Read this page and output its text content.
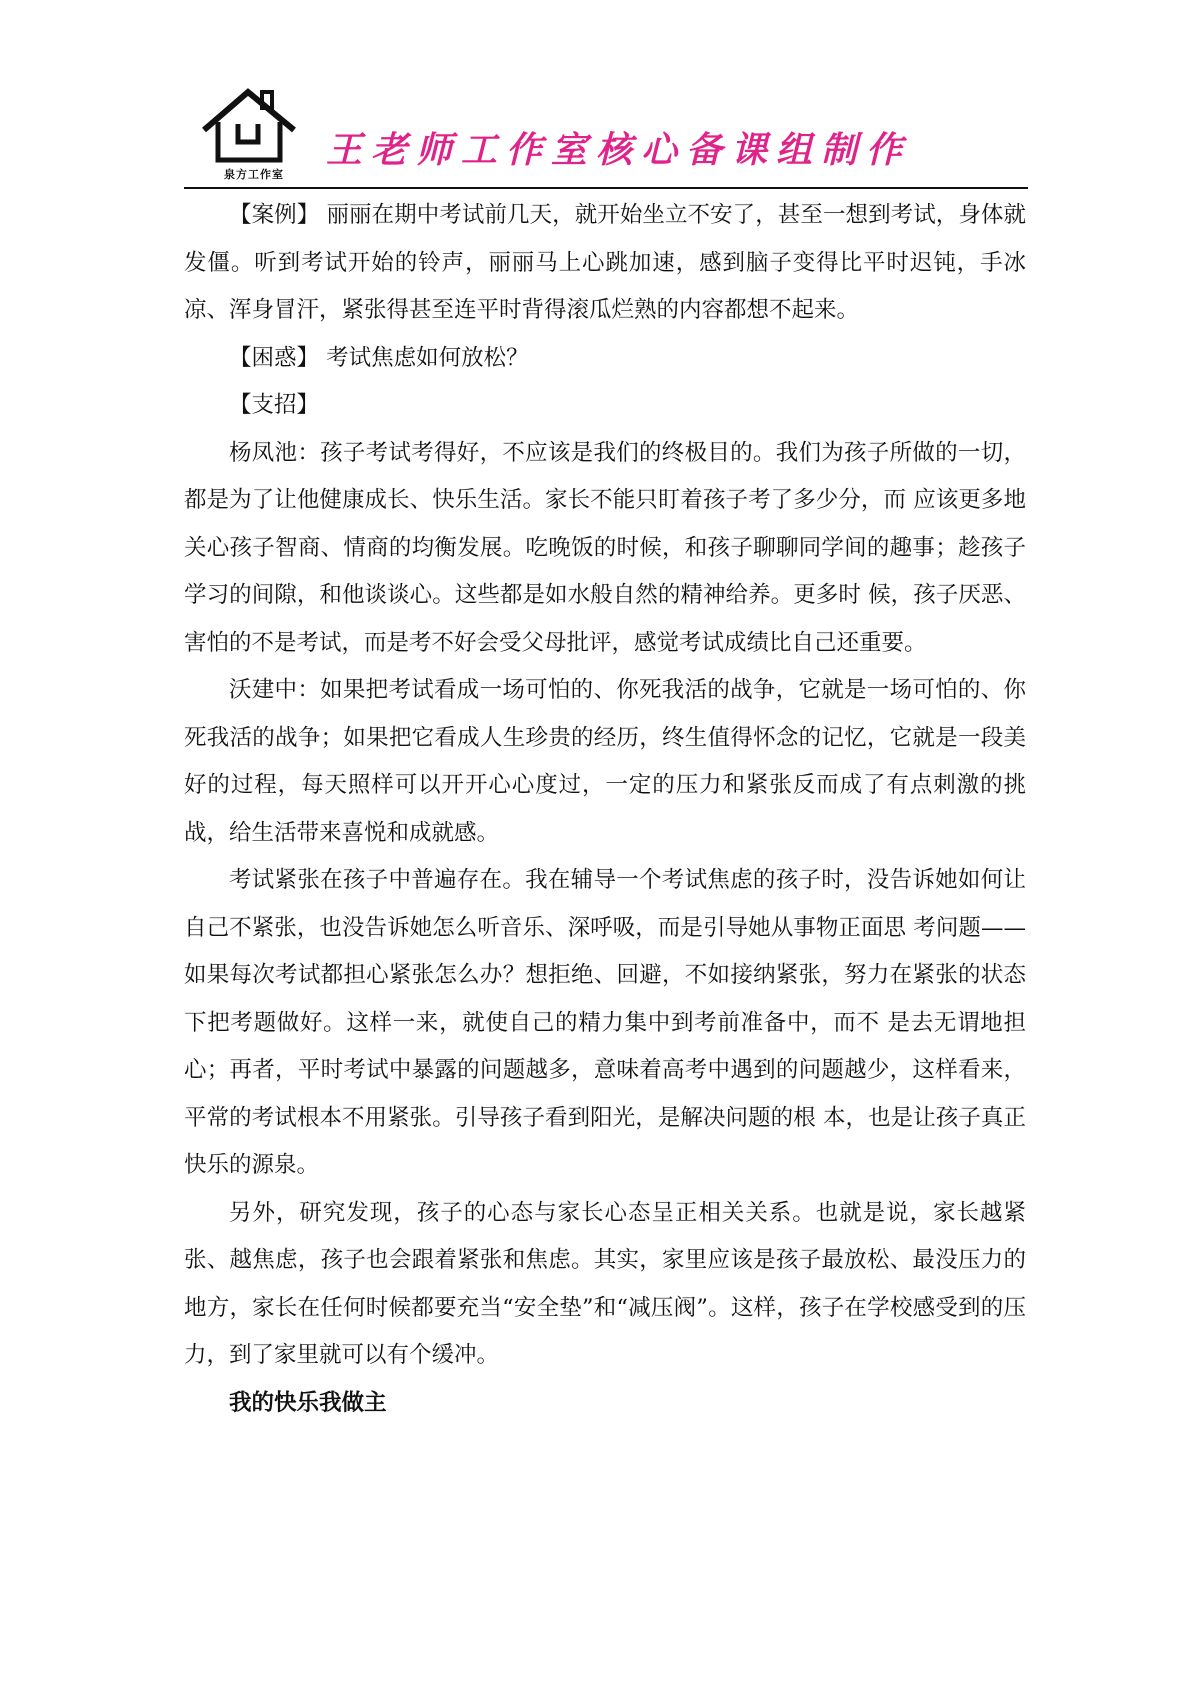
泉方工作室
王老师工作室核心备课组制作

【案例】 丽丽在期中考试前几天，就开始坐立不安了，甚至一想到考试，身体就发僵。听到考试开始的铃声，丽丽马上心跳加速，感到脑子变得比平时迟钝，手冰凉、浑身冒汗，紧张得甚至连平时背得滚瓜烂熟的内容都想不起来。

【困惑】 考试焦虑如何放松？

【支招】

杨凤池：孩子考试考得好，不应该是我们的终极目的。我们为孩子所做的一切，都是为了让他健康成长、快乐生活。家长不能只盯着孩子考了多少分，而 应该更多地关心孩子智商、情商的均衡发展。吃晚饭的时候，和孩子聊聊同学间的趣事；趁孩子学习的间隙，和他谈谈心。这些都是如水般自然的精神给养。更多时 候，孩子厌恶、害怕的不是考试，而是考不好会受父母批评，感觉考试成绩比自己还重要。

沃建中：如果把考试看成一场可怕的、你死我活的战争，它就是一场可怕的、你死我活的战争；如果把它看成人生珍贵的经历，终生值得怀念的记忆，它就是一段美好的过程，每天照样可以开开心心度过，一定的压力和紧张反而成了有点刺激的挑战，给生活带来喜悦和成就感。

考试紧张在孩子中普遍存在。我在辅导一个考试焦虑的孩子时，没告诉她如何让自己不紧张，也没告诉她怎么听音乐、深呼吸，而是引导她从事物正面思 考问题——如果每次考试都担心紧张怎么办？想拒绝、回避，不如接纳紧张，努力在紧张的状态下把考题做好。这样一来，就使自己的精力集中到考前准备中，而不 是去无谓地担心；再者，平时考试中暴露的问题越多，意味着高考中遇到的问题越少，这样看来，平常的考试根本不用紧张。引导孩子看到阳光，是解决问题的根 本，也是让孩子真正快乐的源泉。

另外，研究发现，孩子的心态与家长心态呈正相关关系。也就是说，家长越紧张、越焦虑，孩子也会跟着紧张和焦虑。其实，家里应该是孩子最放松、最没压力的地方，家长在任何时候都要充当“安全垫”和“减压阀”。这样，孩子在学校感受到的压力，到了家里就可以有个缓冲。

我的快乐我做主
